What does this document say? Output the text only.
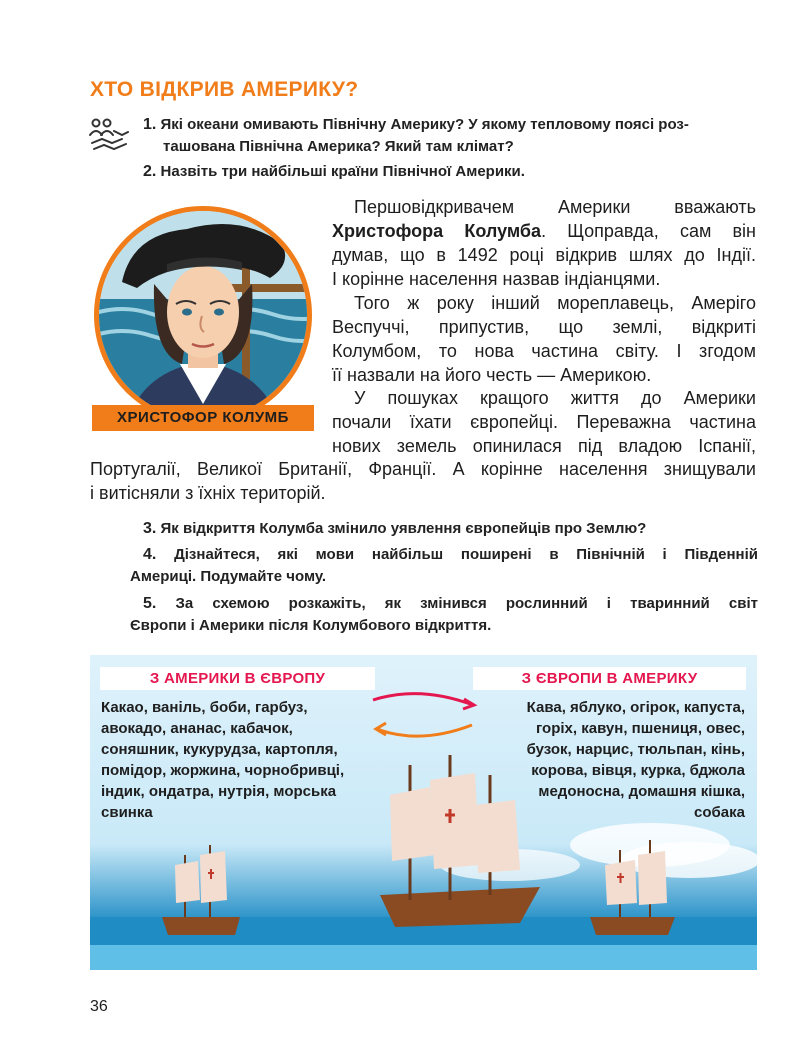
ХТО ВІДКРИВ АМЕРИКУ?
1. Які океани омивають Північну Америку? У якому тепловому поясі роз-
ташована Північна Америка? Який там клімат?
2. Назвіть три найбільші країни Північної Америки.
ХРИСТОФОР КОЛУМБ
Першовідкривачем Америки вважають
Христофора Колумба. Щоправда, сам він
думав, що в 1492 році відкрив шлях до Індії.
І корінне населення назвав індіанцями.
Того ж року інший мореплавець, Амеріго
Веспуччі, припустив, що землі, відкриті
Колумбом, то нова частина світу. І згодом
її назвали на його честь — Америкою.
У пошуках кращого життя до Америки
почали їхати європейці. Переважна частина
нових земель опинилася під владою Іспанії,
Португалії, Великої Британії, Франції. А корінне населення знищували
і витісняли з їхніх територій.
3. Як відкриття Колумба змінило уявлення європейців про Землю?
4. Дізнайтеся, які мови найбільш поширені в Північній і Південній
Америці. Подумайте чому.
5. За схемою розкажіть, як змінився рослинний і тваринний світ
Європи і Америки після Колумбового відкриття.
З АМЕРИКИ В ЄВРОПУ	З ЄВРОПИ В АМЕРИКУ
Какао, ваніль, боби, гарбуз,
авокадо, ананас, кабачок,
соняшник, кукурудза, картопля,
помідор, жоржина, чорнобривці,
індик, ондатра, нутрія, морська
свинка
Кава, яблуко, огірок, капуста,
горіх, кавун, пшениця, овес,
бузок, нарцис, тюльпан, кінь,
корова, вівця, курка, бджола
медоносна, домашня кішка,
собака
36
